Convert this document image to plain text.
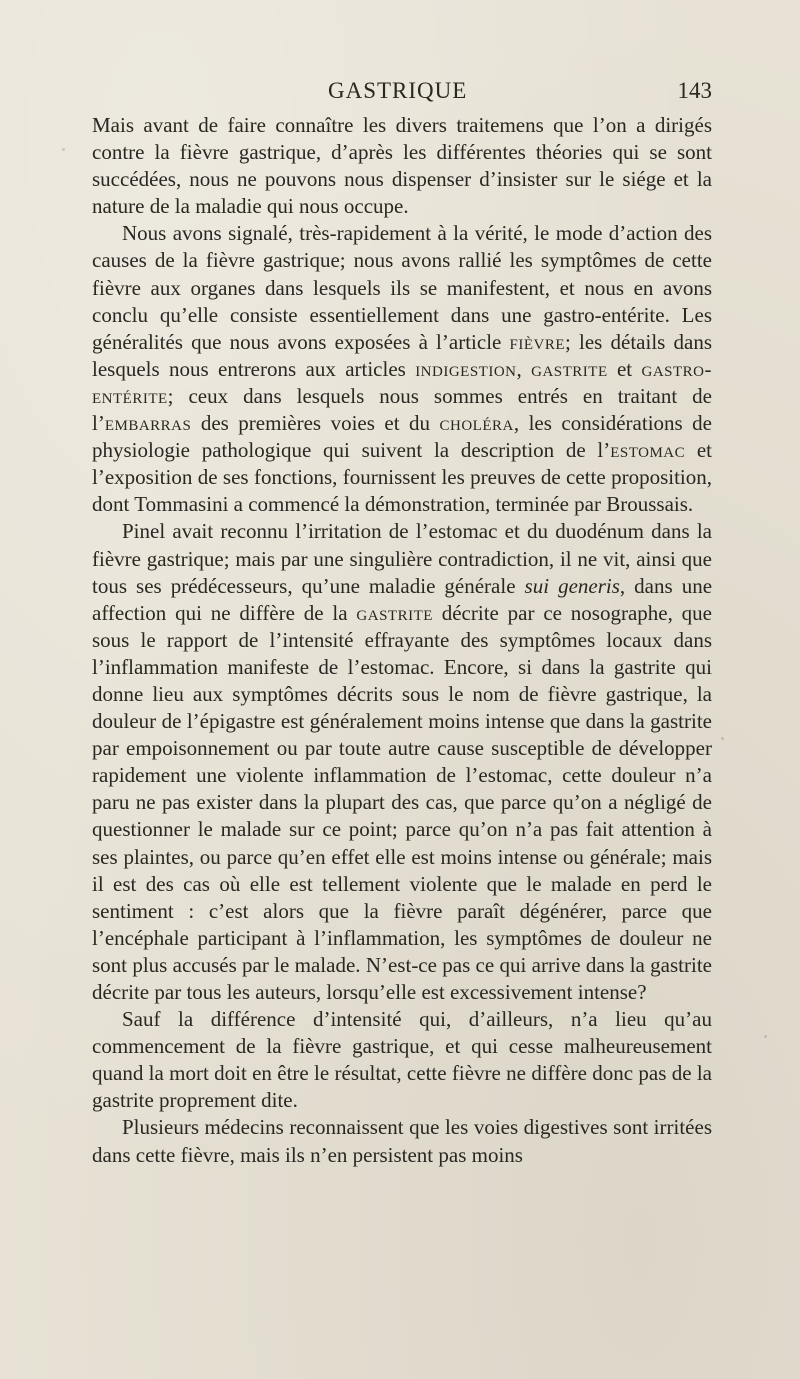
GASTRIQUE	143

Mais avant de faire connaître les divers traitemens que l’on a dirigés contre la fièvre gastrique, d’après les différentes théories qui se sont succédées, nous ne pouvons nous dispenser d’insister sur le siége et la nature de la maladie qui nous occupe.

Nous avons signalé, très-rapidement à la vérité, le mode d’action des causes de la fièvre gastrique; nous avons rallié les symptômes de cette fièvre aux organes dans lesquels ils se manifestent, et nous en avons conclu qu’elle consiste essentiellement dans une gastro-entérite. Les généralités que nous avons exposées à l’article fièvre; les détails dans lesquels nous entrerons aux articles indigestion, gastrite et gastro-entérite; ceux dans lesquels nous sommes entrés en traitant de l’embarras des premières voies et du choléra, les considérations de physiologie pathologique qui suivent la description de l’estomac et l’exposition de ses fonctions, fournissent les preuves de cette proposition, dont Tommasini a commencé la démonstration, terminée par Broussais.

Pinel avait reconnu l’irritation de l’estomac et du duodénum dans la fièvre gastrique; mais par une singulière contradiction, il ne vit, ainsi que tous ses prédécesseurs, qu’une maladie générale sui generis, dans une affection qui ne diffère de la gastrite décrite par ce nosographe, que sous le rapport de l’intensité effrayante des symptômes locaux dans l’inflammation manifeste de l’estomac. Encore, si dans la gastrite qui donne lieu aux symptômes décrits sous le nom de fièvre gastrique, la douleur de l’épigastre est généralement moins intense que dans la gastrite par empoisonnement ou par toute autre cause susceptible de développer rapidement une violente inflammation de l’estomac, cette douleur n’a paru ne pas exister dans la plupart des cas, que parce qu’on a négligé de questionner le malade sur ce point; parce qu’on n’a pas fait attention à ses plaintes, ou parce qu’en effet elle est moins intense ou générale; mais il est des cas où elle est tellement violente que le malade en perd le sentiment : c’est alors que la fièvre paraît dégénérer, parce que l’encéphale participant à l’inflammation, les symptômes de douleur ne sont plus accusés par le malade. N’est-ce pas ce qui arrive dans la gastrite décrite par tous les auteurs, lorsqu’elle est excessivement intense?

Sauf la différence d’intensité qui, d’ailleurs, n’a lieu qu’au commencement de la fièvre gastrique, et qui cesse malheureusement quand la mort doit en être le résultat, cette fièvre ne diffère donc pas de la gastrite proprement dite.

Plusieurs médecins reconnaissent que les voies digestives sont irritées dans cette fièvre, mais ils n’en persistent pas moins
